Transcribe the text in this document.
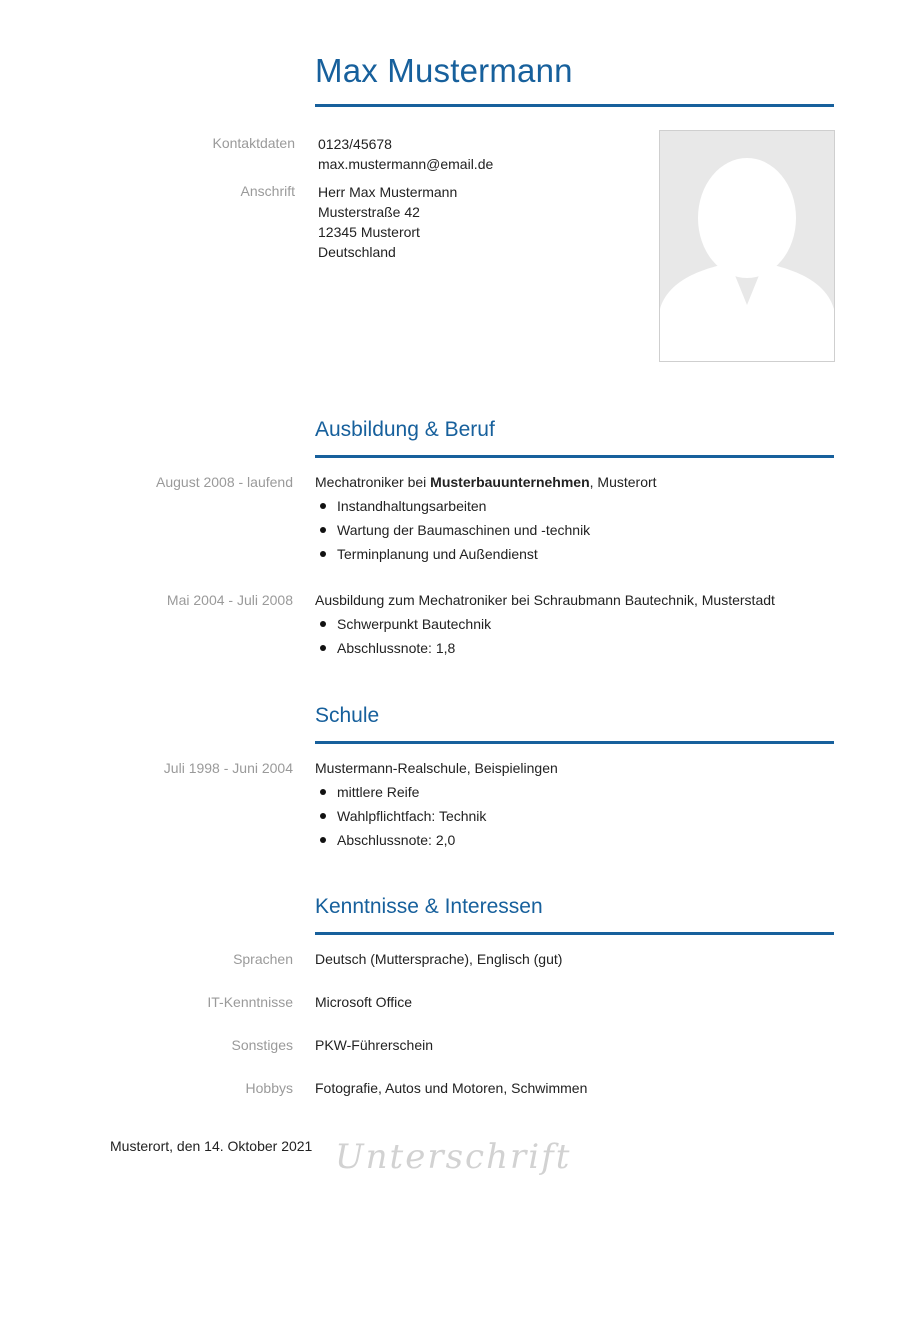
Max Mustermann
Kontaktdaten 0123/45678
max.mustermann@email.de
Anschrift Herr Max Mustermann
Musterstraße 42
12345 Musterort
Deutschland
Ausbildung & Beruf
August 2008 - laufend Mechatroniker bei Musterbauunternehmen, Musterort
Instandhaltungsarbeiten
Wartung der Baumaschinen und -technik
Terminplanung und Außendienst
Mai 2004 - Juli 2008 Ausbildung zum Mechatroniker bei Schraubmann Bautechnik, Musterstadt
Schwerpunkt Bautechnik
Abschlussnote: 1,8
Schule
Juli 1998 - Juni 2004 Mustermann-Realschule, Beispielingen
mittlere Reife
Wahlpflichtfach: Technik
Abschlussnote: 2,0
Kenntnisse & Interessen
Sprachen Deutsch (Muttersprache), Englisch (gut)
IT-Kenntnisse Microsoft Office
Sonstiges PKW-Führerschein
Hobbys Fotografie, Autos und Motoren, Schwimmen
Musterort, den 14. Oktober 2021 Unterschrift
